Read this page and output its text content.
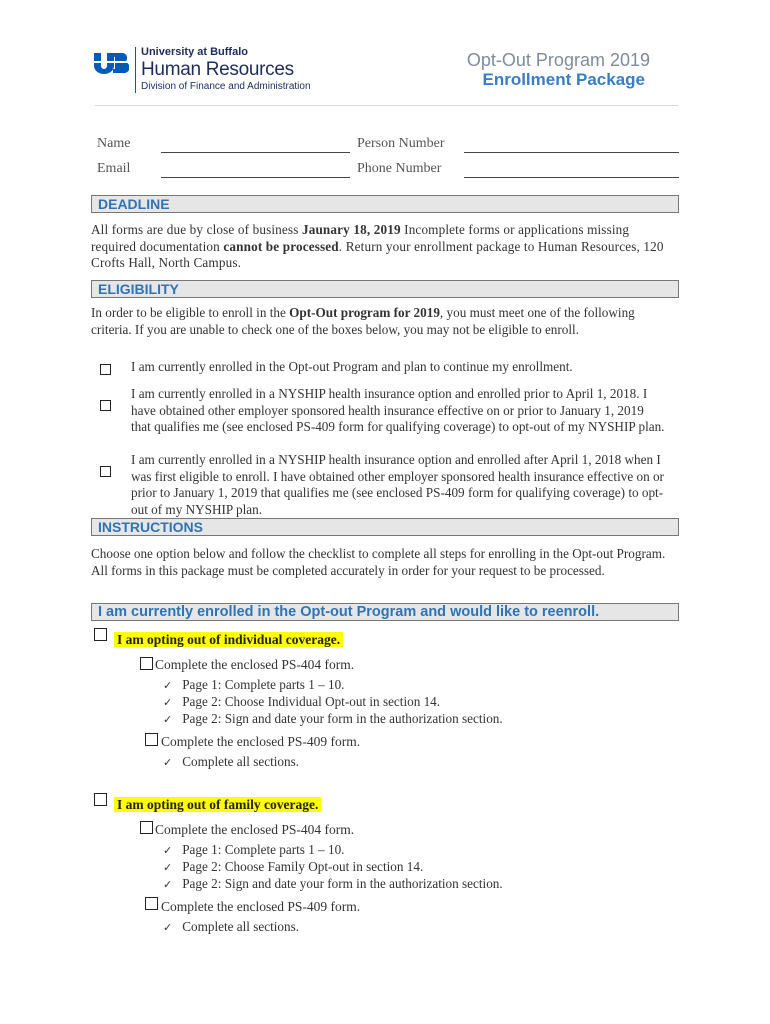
University at Buffalo
Human Resources
Division of Finance and Administration
Opt-Out Program 2019
Enrollment Package
Name	Person Number
Email	Phone Number
DEADLINE
All forms are due by close of business Jaunary 18, 2019 Incomplete forms or applications missing required documentation cannot be processed. Return your enrollment package to Human Resources, 120 Crofts Hall, North Campus.
ELIGIBILITY
In order to be eligible to enroll in the Opt-Out program for 2019, you must meet one of the following criteria. If you are unable to check one of the boxes below, you may not be eligible to enroll.
I am currently enrolled in the Opt-out Program and plan to continue my enrollment.
I am currently enrolled in a NYSHIP health insurance option and enrolled prior to April 1, 2018. I have obtained other employer sponsored health insurance effective on or prior to January 1, 2019 that qualifies me (see enclosed PS-409 form for qualifying coverage) to opt-out of my NYSHIP plan.
I am currently enrolled in a NYSHIP health insurance option and enrolled after April 1, 2018 when I was first eligible to enroll. I have obtained other employer sponsored health insurance effective on or prior to January 1, 2019 that qualifies me (see enclosed PS-409 form for qualifying coverage) to opt-out of my NYSHIP plan.
INSTRUCTIONS
Choose one option below and follow the checklist to complete all steps for enrolling in the Opt-out Program. All forms in this package must be completed accurately in order for your request to be processed.
I am currently enrolled in the Opt-out Program and would like to reenroll.
I am opting out of individual coverage.
Complete the enclosed PS-404 form.
✓ Page 1: Complete parts 1 – 10.
✓ Page 2: Choose Individual Opt-out in section 14.
✓ Page 2: Sign and date your form in the authorization section.
Complete the enclosed PS-409 form.
✓ Complete all sections.
I am opting out of family coverage.
Complete the enclosed PS-404 form.
✓ Page 1: Complete parts 1 – 10.
✓ Page 2: Choose Family Opt-out in section 14.
✓ Page 2: Sign and date your form in the authorization section.
Complete the enclosed PS-409 form.
✓ Complete all sections.
